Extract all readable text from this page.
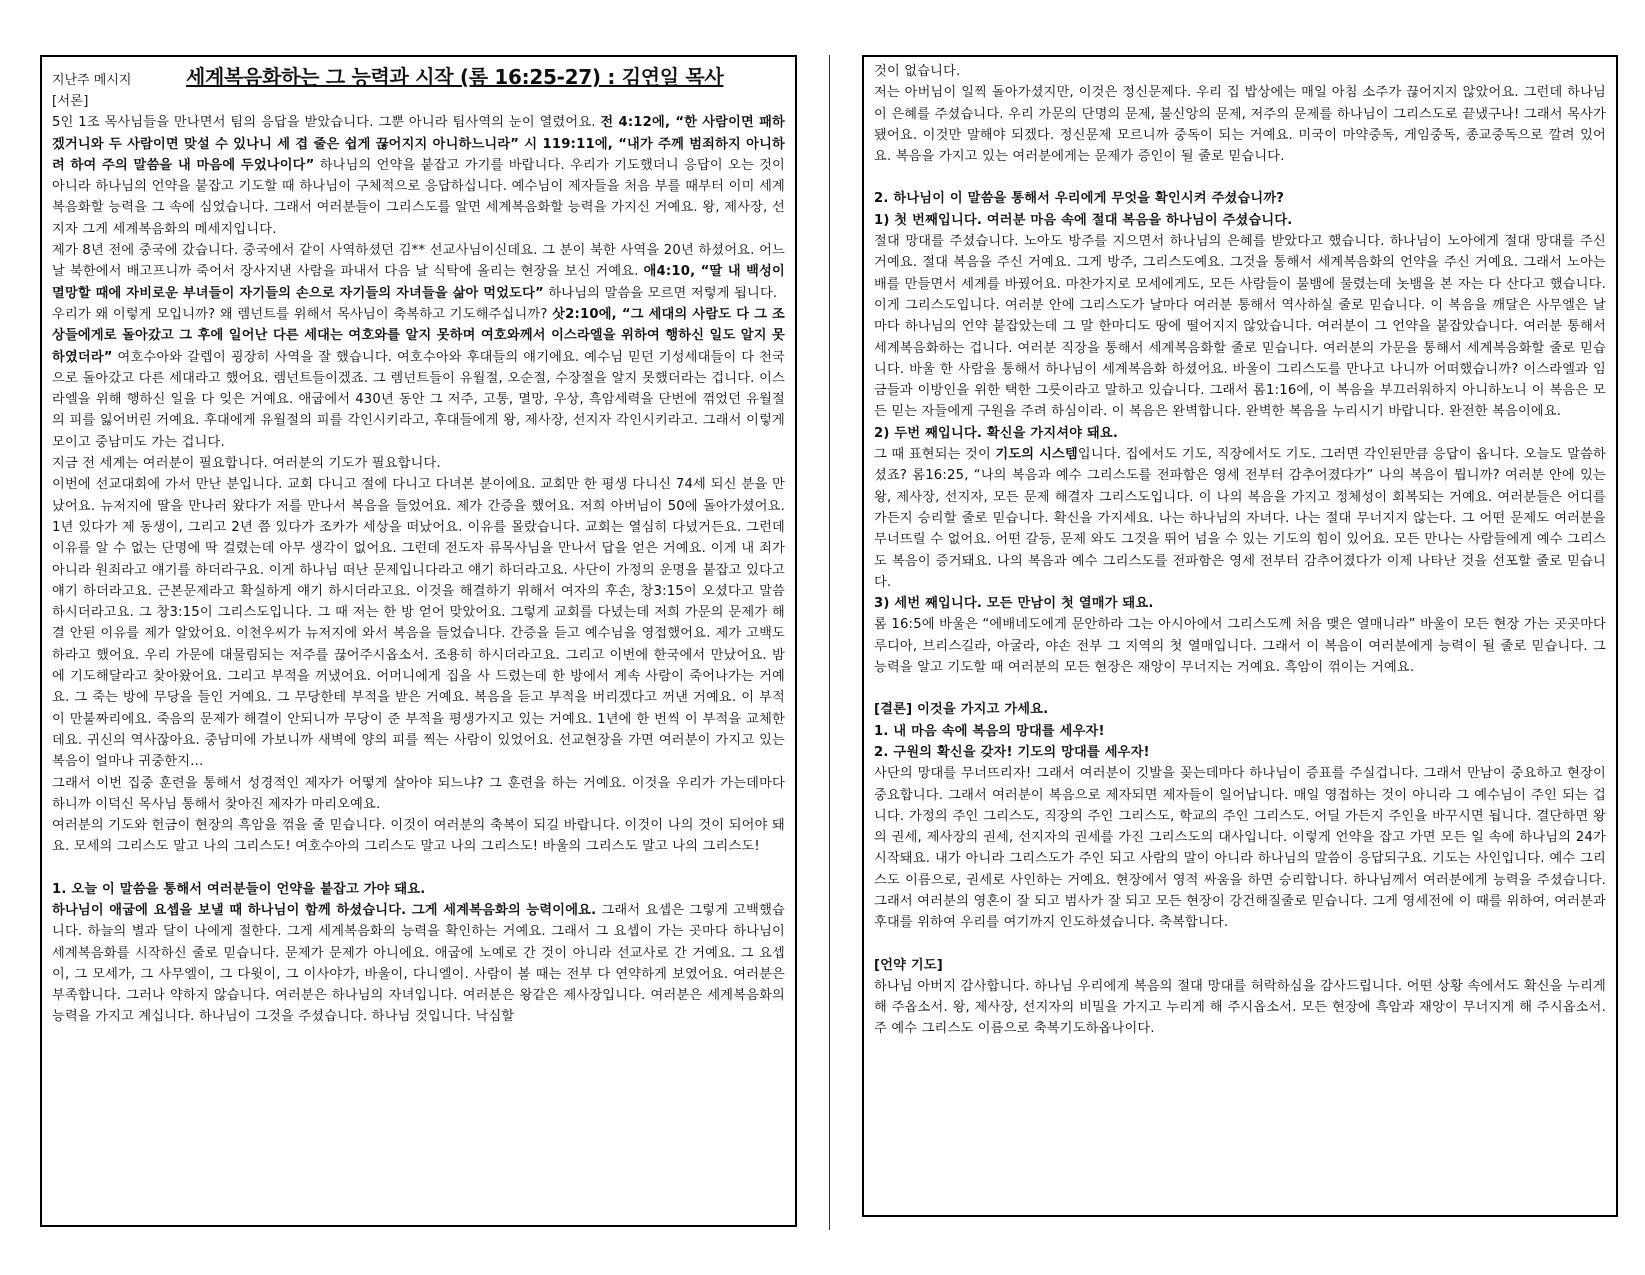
지난주 메시지	세계복음화하는 그 능력과 시작 (롬 16:25-27) : 김연일 목사

[서론]

5인 1조 목사님들을 만나면서 팀의 응답을 받았습니다. 그뿐 아니라 팀사역의 눈이 열렸어요. 전 4:12에, “한 사람이면 패하겠거니와 두 사람이면 맞설 수 있나니 세 겹 줄은 쉽게 끊어지지 아니하느니라” 시 119:11에, “내가 주께 범죄하지 아니하려 하여 주의 말씀을 내 마음에 두었나이다” 하나님의 언약을 붙잡고 가기를 바랍니다. 우리가 기도했더니 응답이 오는 것이 아니라 하나님의 언약을 붙잡고 기도할 때 하나님이 구체적으로 응답하십니다. 예수님이 제자들을 처음 부를 때부터 이미 세계복음화할 능력을 그 속에 심었습니다. 그래서 여러분들이 그리스도를 알면 세계복음화할 능력을 가지신 거예요. 왕, 제사장, 선지자 그게 세계복음화의 메세지입니다.

제가 8년 전에 중국에 갔습니다. 중국에서 같이 사역하셨던 김** 선교사님이신데요. 그 분이 북한 사역을 20년 하셨어요. 어느 날 북한에서 배고프니까 죽어서 장사지낸 사람을 파내서 다음 날 식탁에 올리는 현장을 보신 거예요. 애4:10, “딸 내 백성이 멸망할 때에 자비로운 부녀들이 자기들의 손으로 자기들의 자녀들을 삶아 먹었도다” 하나님의 말씀을 모르면 저렇게 됩니다.

우리가 왜 이렇게 모입니까? 왜 렘넌트를 위해서 목사님이 축복하고 기도해주십니까? 삿2:10에, “그 세대의 사람도 다 그 조상들에게로 돌아갔고 그 후에 일어난 다른 세대는 여호와를 알지 못하며 여호와께서 이스라엘을 위하여 행하신 일도 알지 못하였더라” 여호수아와 갈렙이 굉장히 사역을 잘 했습니다. 여호수아와 후대들의 얘기에요. 예수님 믿던 기성세대들이 다 천국으로 돌아갔고 다른 세대라고 했어요. 렘넌트들이겠죠. 그 렘넌트들이 유월절, 오순절, 수장절을 알지 못했더라는 겁니다. 이스라엘을 위해 행하신 일을 다 잊은 거예요. 애굽에서 430년 동안 그 저주, 고통, 멸망, 우상, 흑암세력을 단번에 꺾었던 유월절의 피를 잃어버린 거예요. 후대에게 유월절의 피를 각인시키라고, 후대들에게 왕, 제사장, 선지자 각인시키라고. 그래서 이렇게 모이고 중남미도 가는 겁니다.

지금 전 세계는 여러분이 필요합니다. 여러분의 기도가 필요합니다.

이번에 선교대회에 가서 만난 분입니다. 교회 다니고 절에 다니고 다녀본 분이에요. 교회만 한 평생 다니신 74세 되신 분을 만났어요. 뉴저지에 딸을 만나러 왔다가 저를 만나서 복음을 들었어요. 제가 간증을 했어요. 저희 아버님이 50에 돌아가셨어요. 1년 있다가 제 동생이, 그리고 2년 쯤 있다가 조카가 세상을 떠났어요. 이유를 몰랐습니다. 교회는 열심히 다녔거든요. 그런데 이유를 알 수 없는 단명에 딱 걸렸는데 아무 생각이 없어요. 그런데 전도자 류목사님을 만나서 답을 얻은 거예요. 이게 내 죄가 아니라 원죄라고 얘기를 하더라구요. 이게 하나님 떠난 문제입니다라고 얘기 하더라고요. 사단이 가정의 운명을 붙잡고 있다고 얘기 하더라고요. 근본문제라고 확실하게 얘기 하시더라고요. 이것을 해결하기 위해서 여자의 후손, 창3:15이 오셨다고 말씀하시더라고요. 그 창3:15이 그리스도입니다. 그 때 저는 한 방 얻어 맞았어요. 그렇게 교회를 다녔는데 저희 가문의 문제가 해결 안된 이유를 제가 알았어요. 이천우씨가 뉴저지에 와서 복음을 들었습니다. 간증을 듣고 예수님을 영접했어요. 제가 고백도 하라고 했어요. 우리 가문에 대물림되는 저주를 끊어주시옵소서. 조용히 하시더라고요. 그리고 이번에 한국에서 만났어요. 밤에 기도해달라고 찾아왔어요. 그리고 부적을 꺼냈어요. 어머니에게 집을 사 드렸는데 한 방에서 계속 사람이 죽어나가는 거예요. 그 죽는 방에 무당을 들인 거예요. 그 무당한테 부적을 받은 거예요. 복음을 듣고 부적을 버리겠다고 꺼낸 거예요. 이 부적이 만불짜리에요. 죽음의 문제가 해결이 안되니까 무당이 준 부적을 평생가지고 있는 거예요. 1년에 한 번씩 이 부적을 교체한데요. 귀신의 역사잖아요. 중남미에 가보니까 새벽에 양의 피를 찍는 사람이 있었어요. 선교현장을 가면 여러분이 가지고 있는 복음이 얼마나 귀중한지…

그래서 이번 집중 훈련을 통해서 성경적인 제자가 어떻게 살아야 되느냐? 그 훈련을 하는 거예요. 이것을 우리가 가는데마다 하니까 이덕신 목사님 통해서 찾아진 제자가 마리오예요.

여러분의 기도와 헌금이 현장의 흑암을 꺾을 줄 믿습니다. 이것이 여러분의 축복이 되길 바랍니다. 이것이 나의 것이 되어야 돼요. 모세의 그리스도 말고 나의 그리스도! 여호수아의 그리스도 말고 나의 그리스도! 바울의 그리스도 말고 나의 그리스도!

1. 오늘 이 말씀을 통해서 여러분들이 언약을 붙잡고 가야 돼요.

하나님이 애굽에 요셉을 보낼 때 하나님이 함께 하셨습니다. 그게 세계복음화의 능력이에요. 그래서 요셉은 그렇게 고백했습니다. 하늘의 별과 달이 나에게 절한다. 그게 세계복음화의 능력을 확인하는 거예요. 그래서 그 요셉이 가는 곳마다 하나님이 세계복음화를 시작하신 줄로 믿습니다. 문제가 문제가 아니에요. 애굽에 노예로 간 것이 아니라 선교사로 간 거예요. 그 요셉이, 그 모세가, 그 사무엘이, 그 다윗이, 그 이사야가, 바울이, 다니엘이. 사람이 볼 때는 전부 다 연약하게 보였어요. 여러분은 부족합니다. 그러나 약하지 않습니다. 여러분은 하나님의 자녀입니다. 여러분은 왕같은 제사장입니다. 여러분은 세계복음화의 능력을 가지고 계십니다. 하나님이 그것을 주셨습니다. 하나님 것입니다. 낙심할

것이 없습니다.

저는 아버님이 일찍 돌아가셨지만, 이것은 정신문제다. 우리 집 밥상에는 매일 아침 소주가 끊어지지 않았어요. 그런데 하나님이 은혜를 주셨습니다. 우리 가문의 단명의 문제, 불신앙의 문제, 저주의 문제를 하나님이 그리스도로 끝냈구나! 그래서 목사가 됐어요. 이것만 말해야 되겠다. 정신문제 모르니까 중독이 되는 거예요. 미국이 마약중독, 게임중독, 종교중독으로 깔려 있어요. 복음을 가지고 있는 여러분에게는 문제가 증인이 될 줄로 믿습니다.

2. 하나님이 이 말씀을 통해서 우리에게 무엇을 확인시켜 주셨습니까?

1) 첫 번째입니다. 여러분 마음 속에 절대 복음을 하나님이 주셨습니다.

절대 망대를 주셨습니다. 노아도 방주를 지으면서 하나님의 은혜를 받았다고 했습니다. 하나님이 노아에게 절대 망대를 주신 거예요. 절대 복음을 주신 거예요. 그게 방주, 그리스도예요. 그것을 통해서 세계복음화의 언약을 주신 거예요. 그래서 노아는 배를 만들면서 세계를 바꿨어요. 마찬가지로 모세에게도, 모든 사람들이 불뱀에 물렸는데 놋뱀을 본 자는 다 산다고 했습니다. 이게 그리스도입니다. 여러분 안에 그리스도가 날마다 여러분 통해서 역사하실 줄로 믿습니다. 이 복음을 깨달은 사무엘은 날마다 하나님의 언약 붙잡았는데 그 말 한마디도 땅에 떨어지지 않았습니다. 여러분이 그 언약을 붙잡았습니다. 여러분 통해서 세계복음화하는 겁니다. 여러분 직장을 통해서 세계복음화할 줄로 믿습니다. 여러분의 가문을 통해서 세계복음화할 줄로 믿습니다. 바울 한 사람을 통해서 하나님이 세계복음화 하셨어요. 바울이 그리스도를 만나고 나니까 어떠했습니까? 이스라엘과 임금들과 이방인을 위한 택한 그릇이라고 말하고 있습니다. 그래서 롬1:16에, 이 복음을 부끄러워하지 아니하노니 이 복음은 모든 믿는 자들에게 구원을 주려 하심이라. 이 복음은 완벽합니다. 완벽한 복음을 누리시기 바랍니다. 완전한 복음이에요.

2) 두번 째입니다. 확신을 가지셔야 돼요.

그 때 표현되는 것이 기도의 시스템입니다. 집에서도 기도, 직장에서도 기도. 그러면 각인된만큼 응답이 옵니다. 오늘도 말씀하셨죠? 롬16:25, “나의 복음과 예수 그리스도를 전파함은 영세 전부터 감추어졌다가” 나의 복음이 뭡니까? 여러분 안에 있는 왕, 제사장, 선지자, 모든 문제 해결자 그리스도입니다. 이 나의 복음을 가지고 정체성이 회복되는 거예요. 여러분들은 어디를 가든지 승리할 줄로 믿습니다. 확신을 가지세요. 나는 하나님의 자녀다. 나는 절대 무너지지 않는다. 그 어떤 문제도 여러분을 무너뜨릴 수 없어요. 어떤 갈등, 문제 와도 그것을 뛰어 넘을 수 있는 기도의 힘이 있어요. 모든 만나는 사람들에게 예수 그리스도 복음이 증거돼요. 나의 복음과 예수 그리스도를 전파함은 영세 전부터 감추어졌다가 이제 나타난 것을 선포할 줄로 믿습니다.

3) 세번 째입니다. 모든 만남이 첫 열매가 돼요.

롬 16:5에 바울은 “에배네도에게 문안하라 그는 아시아에서 그리스도께 처음 맺은 열매니라” 바울이 모든 현장 가는 곳곳마다 루디아, 브리스길라, 아굴라, 야손 전부 그 지역의 첫 열매입니다. 그래서 이 복음이 여러분에게 능력이 될 줄로 믿습니다. 그 능력을 알고 기도할 때 여러분의 모든 현장은 재앙이 무너지는 거예요. 흑암이 꺾이는 거예요.

[결론] 이것을 가지고 가세요.

1. 내 마음 속에 복음의 망대를 세우자!

2. 구원의 확신을 갖자! 기도의 망대를 세우자!

사단의 망대를 무너뜨리자! 그래서 여러분이 깃발을 꽂는데마다 하나님이 증표를 주실겁니다. 그래서 만남이 중요하고 현장이 중요합니다. 그래서 여러분이 복음으로 제자되면 제자들이 일어납니다. 매일 영접하는 것이 아니라 그 예수님이 주인 되는 겁니다. 가정의 주인 그리스도, 직장의 주인 그리스도, 학교의 주인 그리스도. 어딜 가든지 주인을 바꾸시면 됩니다. 결단하면 왕의 권세, 제사장의 권세, 선지자의 권세를 가진 그리스도의 대사입니다. 이렇게 언약을 잡고 가면 모든 일 속에 하나님의 24가 시작돼요. 내가 아니라 그리스도가 주인 되고 사람의 말이 아니라 하나님의 말씀이 응답되구요. 기도는 사인입니다. 예수 그리스도 이름으로, 권세로 사인하는 거예요. 현장에서 영적 싸움을 하면 승리합니다. 하나님께서 여러분에게 능력을 주셨습니다. 그래서 여러분의 영혼이 잘 되고 범사가 잘 되고 모든 현장이 강건해질줄로 믿습니다. 그게 영세전에 이 때를 위하여, 여러분과 후대를 위하여 우리를 여기까지 인도하셨습니다. 축복합니다.

[언약 기도]

하나님 아버지 감사합니다. 하나님 우리에게 복음의 절대 망대를 허락하심을 감사드립니다. 어떤 상황 속에서도 확신을 누리게 해 주옵소서. 왕, 제사장, 선지자의 비밀을 가지고 누리게 해 주시옵소서. 모든 현장에 흑암과 재앙이 무너지게 해 주시옵소서. 주 예수 그리스도 이름으로 축복기도하옵나이다.
